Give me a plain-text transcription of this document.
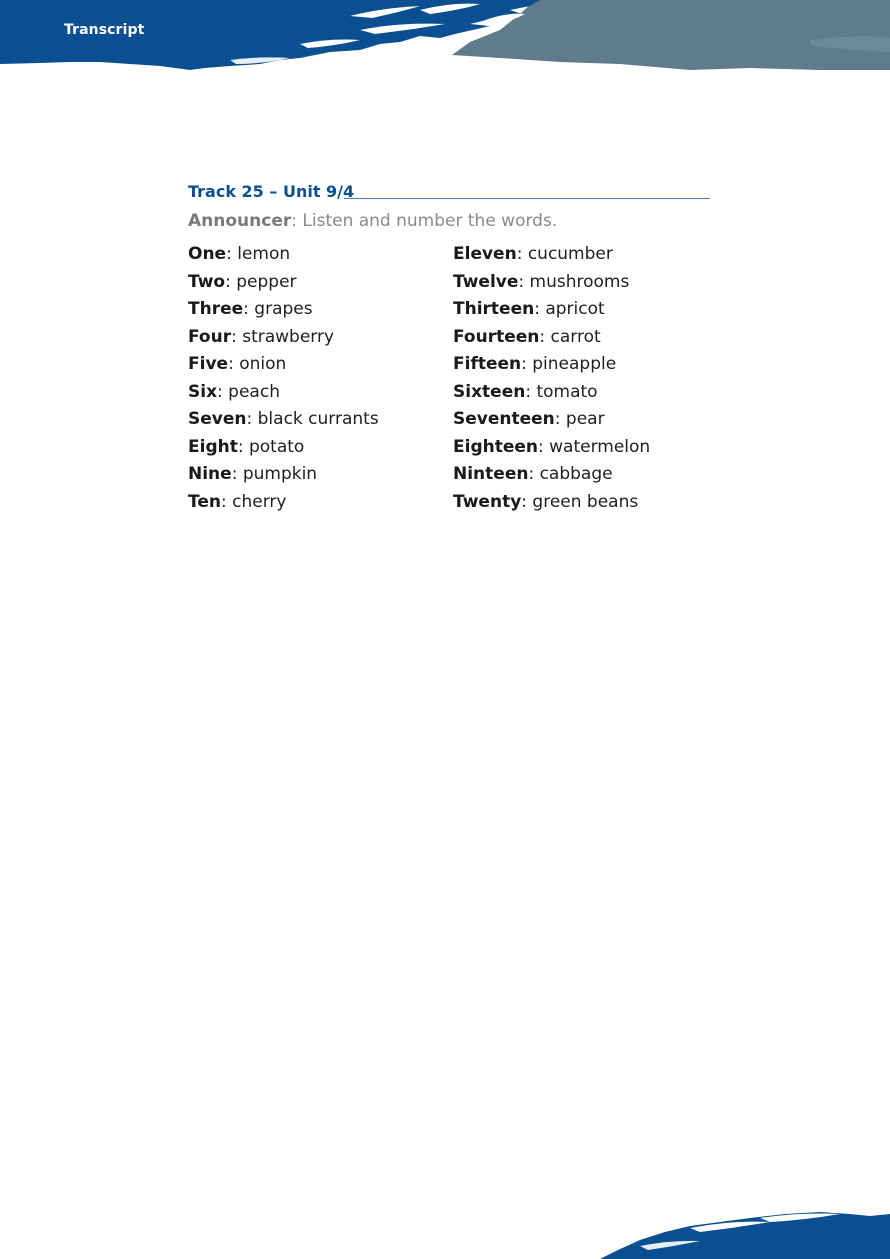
Transcript
Track 25 – Unit 9/4
Announcer: Listen and number the words.
One: lemon
Two: pepper
Three: grapes
Four: strawberry
Five: onion
Six: peach
Seven: black currants
Eight: potato
Nine: pumpkin
Ten: cherry
Eleven: cucumber
Twelve: mushrooms
Thirteen: apricot
Fourteen: carrot
Fifteen: pineapple
Sixteen: tomato
Seventeen: pear
Eighteen: watermelon
Ninteen: cabbage
Twenty: green beans
